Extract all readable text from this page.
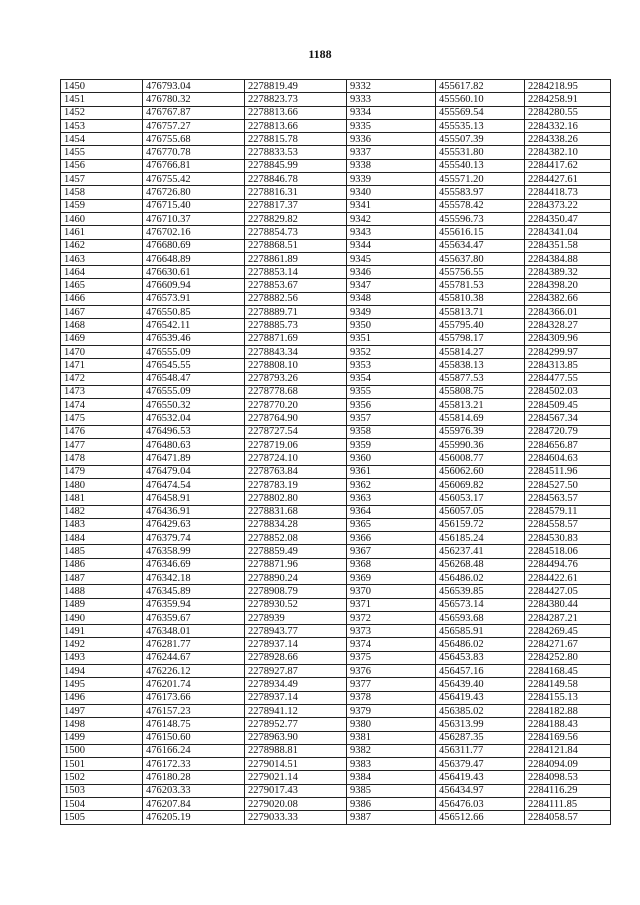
1188
1450	476793.04	2278819.49	9332	455617.82	2284218.95
1451	476780.32	2278823.73	9333	455560.10	2284258.91
1452	476767.87	2278813.66	9334	455569.54	2284280.55
1453	476757.27	2278813.66	9335	455535.13	2284332.16
1454	476755.68	2278815.78	9336	455507.39	2284338.26
1455	476770.78	2278833.53	9337	455531.80	2284382.10
1456	476766.81	2278845.99	9338	455540.13	2284417.62
1457	476755.42	2278846.78	9339	455571.20	2284427.61
1458	476726.80	2278816.31	9340	455583.97	2284418.73
1459	476715.40	2278817.37	9341	455578.42	2284373.22
1460	476710.37	2278829.82	9342	455596.73	2284350.47
1461	476702.16	2278854.73	9343	455616.15	2284341.04
1462	476680.69	2278868.51	9344	455634.47	2284351.58
1463	476648.89	2278861.89	9345	455637.80	2284384.88
1464	476630.61	2278853.14	9346	455756.55	2284389.32
1465	476609.94	2278853.67	9347	455781.53	2284398.20
1466	476573.91	2278882.56	9348	455810.38	2284382.66
1467	476550.85	2278889.71	9349	455813.71	2284366.01
1468	476542.11	2278885.73	9350	455795.40	2284328.27
1469	476539.46	2278871.69	9351	455798.17	2284309.96
1470	476555.09	2278843.34	9352	455814.27	2284299.97
1471	476545.55	2278808.10	9353	455838.13	2284313.85
1472	476548.47	2278793.26	9354	455877.53	2284477.55
1473	476555.09	2278778.68	9355	455808.75	2284502.03
1474	476550.32	2278770.20	9356	455813.21	2284509.45
1475	476532.04	2278764.90	9357	455814.69	2284567.34
1476	476496.53	2278727.54	9358	455976.39	2284720.79
1477	476480.63	2278719.06	9359	455990.36	2284656.87
1478	476471.89	2278724.10	9360	456008.77	2284604.63
1479	476479.04	2278763.84	9361	456062.60	2284511.96
1480	476474.54	2278783.19	9362	456069.82	2284527.50
1481	476458.91	2278802.80	9363	456053.17	2284563.57
1482	476436.91	2278831.68	9364	456057.05	2284579.11
1483	476429.63	2278834.28	9365	456159.72	2284558.57
1484	476379.74	2278852.08	9366	456185.24	2284530.83
1485	476358.99	2278859.49	9367	456237.41	2284518.06
1486	476346.69	2278871.96	9368	456268.48	2284494.76
1487	476342.18	2278890.24	9369	456486.02	2284422.61
1488	476345.89	2278908.79	9370	456539.85	2284427.05
1489	476359.94	2278930.52	9371	456573.14	2284380.44
1490	476359.67	2278939	9372	456593.68	2284287.21
1491	476348.01	2278943.77	9373	456585.91	2284269.45
1492	476281.77	2278937.14	9374	456486.02	2284271.67
1493	476244.67	2278928.66	9375	456453.83	2284252.80
1494	476226.12	2278927.87	9376	456457.16	2284168.45
1495	476201.74	2278934.49	9377	456439.40	2284149.58
1496	476173.66	2278937.14	9378	456419.43	2284155.13
1497	476157.23	2278941.12	9379	456385.02	2284182.88
1498	476148.75	2278952.77	9380	456313.99	2284188.43
1499	476150.60	2278963.90	9381	456287.35	2284169.56
1500	476166.24	2278988.81	9382	456311.77	2284121.84
1501	476172.33	2279014.51	9383	456379.47	2284094.09
1502	476180.28	2279021.14	9384	456419.43	2284098.53
1503	476203.33	2279017.43	9385	456434.97	2284116.29
1504	476207.84	2279020.08	9386	456476.03	2284111.85
1505	476205.19	2279033.33	9387	456512.66	2284058.57
